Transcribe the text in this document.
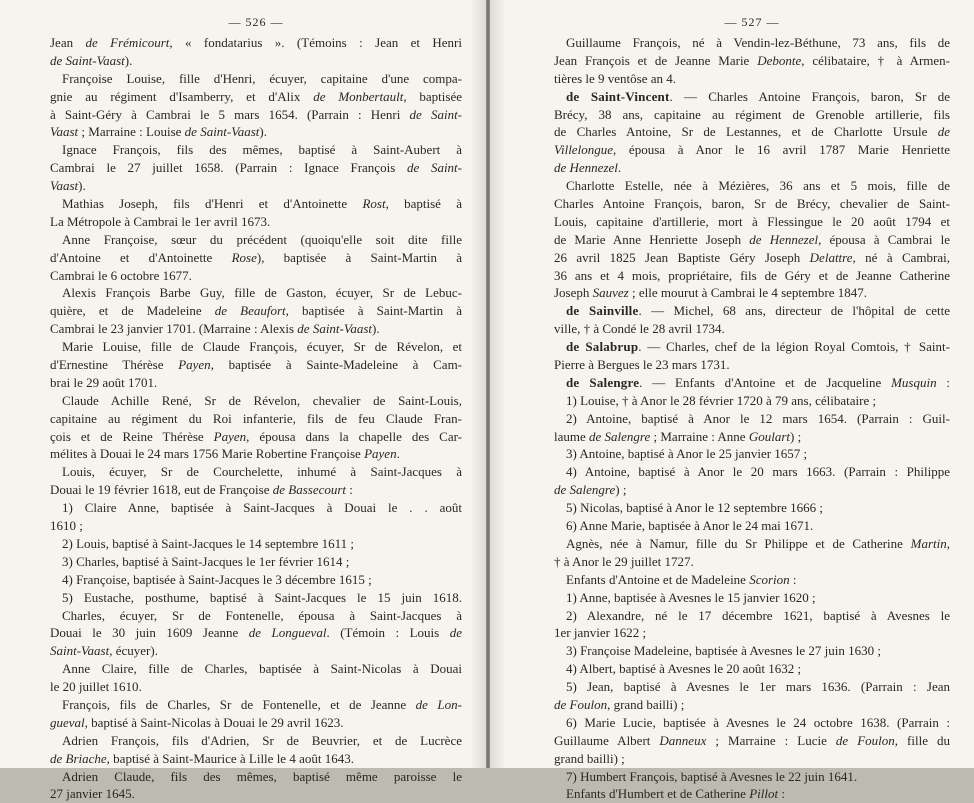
— 526 —
Jean de Frémicourt, « fondatarius ». (Témoins : Jean et Henri
de Saint-Vaast).
Françoise Louise, fille d'Henri, écuyer, capitaine d'une compa-
gnie au régiment d'Isamberry, et d'Alix de Monbertault, baptisée
à Saint-Géry à Cambrai le 5 mars 1654. (Parrain : Henri de Saint-
Vaast ; Marraine : Louise de Saint-Vaast).
Ignace François, fils des mêmes, baptisé à Saint-Aubert à
Cambrai le 27 juillet 1658. (Parrain : Ignace François de Saint-
Vaast).
Mathias Joseph, fils d'Henri et d'Antoinette Rost, baptisé à
La Métropole à Cambrai le 1er avril 1673.
Anne Françoise, sœur du précédent (quoiqu'elle soit dite fille
d'Antoine et d'Antoinette Rose), baptisée à Saint-Martin à
Cambrai le 6 octobre 1677.
Alexis François Barbe Guy, fille de Gaston, écuyer, Sr de Lebuc-
quière, et de Madeleine de Beaufort, baptisée à Saint-Martin à
Cambrai le 23 janvier 1701. (Marraine : Alexis de Saint-Vaast).
Marie Louise, fille de Claude François, écuyer, Sr de Révelon, et
d'Ernestine Thérèse Payen, baptisée à Sainte-Madeleine à Cam-
brai le 29 août 1701.
Claude Achille René, Sr de Révelon, chevalier de Saint-Louis,
capitaine au régiment du Roi infanterie, fils de feu Claude Fran-
çois et de Reine Thérèse Payen, épousa dans la chapelle des Car-
mélites à Douai le 24 mars 1756 Marie Robertine Françoise Payen.
Louis, écuyer, Sr de Courchelette, inhumé à Saint-Jacques à
Douai le 19 février 1618, eut de Françoise de Bassecourt :
1) Claire Anne, baptisée à Saint-Jacques à Douai le . . août
1610 ;
2) Louis, baptisé à Saint-Jacques le 14 septembre 1611 ;
3) Charles, baptisé à Saint-Jacques le 1er février 1614 ;
4) Françoise, baptisée à Saint-Jacques le 3 décembre 1615 ;
5) Eustache, posthume, baptisé à Saint-Jacques le 15 juin 1618.
Charles, écuyer, Sr de Fontenelle, épousa à Saint-Jacques à
Douai le 30 juin 1609 Jeanne de Longueval. (Témoin : Louis de
Saint-Vaast, écuyer).
Anne Claire, fille de Charles, baptisée à Saint-Nicolas à Douai
le 20 juillet 1610.
François, fils de Charles, Sr de Fontenelle, et de Jeanne de Lon-
gueval, baptisé à Saint-Nicolas à Douai le 29 avril 1623.
Adrien François, fils d'Adrien, Sr de Beuvrier, et de Lucrèce
de Briache, baptisé à Saint-Maurice à Lille le 4 août 1643.
Adrien Claude, fils des mêmes, baptisé même paroisse le
27 janvier 1645.
— 527 —
Guillaume François, né à Vendin-lez-Béthune, 73 ans, fils de
Jean François et de Jeanne Marie Debonte, célibataire, † à Armen-
tières le 9 ventôse an 4.
de Saint-Vincent. — Charles Antoine François, baron, Sr de
Brécy, 38 ans, capitaine au régiment de Grenoble artillerie, fils
de Charles Antoine, Sr de Lestannes, et de Charlotte Ursule de
Villelongue, épousa à Anor le 16 avril 1787 Marie Henriette
de Hennezel.
Charlotte Estelle, née à Mézières, 36 ans et 5 mois, fille de
Charles Antoine François, baron, Sr de Brécy, chevalier de Saint-
Louis, capitaine d'artillerie, mort à Flessingue le 20 août 1794 et
de Marie Anne Henriette Joseph de Hennezel, épousa à Cambrai le
26 avril 1825 Jean Baptiste Géry Joseph Delattre, né à Cambrai,
36 ans et 4 mois, propriétaire, fils de Géry et de Jeanne Catherine
Joseph Sauvez ; elle mourut à Cambrai le 4 septembre 1847.
de Sainville. — Michel, 68 ans, directeur de l'hôpital de cette
ville, † à Condé le 28 avril 1734.
de Salabrup. — Charles, chef de la légion Royal Comtois, † Saint-
Pierre à Bergues le 23 mars 1731.
de Salengre. — Enfants d'Antoine et de Jacqueline Musquin :
1) Louise, † à Anor le 28 février 1720 à 79 ans, célibataire ;
2) Antoine, baptisé à Anor le 12 mars 1654. (Parrain : Guil-
laume de Salengre ; Marraine : Anne Goulart) ;
3) Antoine, baptisé à Anor le 25 janvier 1657 ;
4) Antoine, baptisé à Anor le 20 mars 1663. (Parrain : Philippe
de Salengre) ;
5) Nicolas, baptisé à Anor le 12 septembre 1666 ;
6) Anne Marie, baptisée à Anor le 24 mai 1671.
Agnès, née à Namur, fille du Sr Philippe et de Catherine Martin,
† à Anor le 29 juillet 1727.
Enfants d'Antoine et de Madeleine Scorion :
1) Anne, baptisée à Avesnes le 15 janvier 1620 ;
2) Alexandre, né le 17 décembre 1621, baptisé à Avesnes le
1er janvier 1622 ;
3) Françoise Madeleine, baptisée à Avesnes le 27 juin 1630 ;
4) Albert, baptisé à Avesnes le 20 août 1632 ;
5) Jean, baptisé à Avesnes le 1er mars 1636. (Parrain : Jean
de Foulon, grand bailli) ;
6) Marie Lucie, baptisée à Avesnes le 24 octobre 1638. (Parrain :
Guillaume Albert Danneux ; Marraine : Lucie de Foulon, fille du
grand bailli) ;
7) Humbert François, baptisé à Avesnes le 22 juin 1641.
Enfants d'Humbert et de Catherine Pillot :
